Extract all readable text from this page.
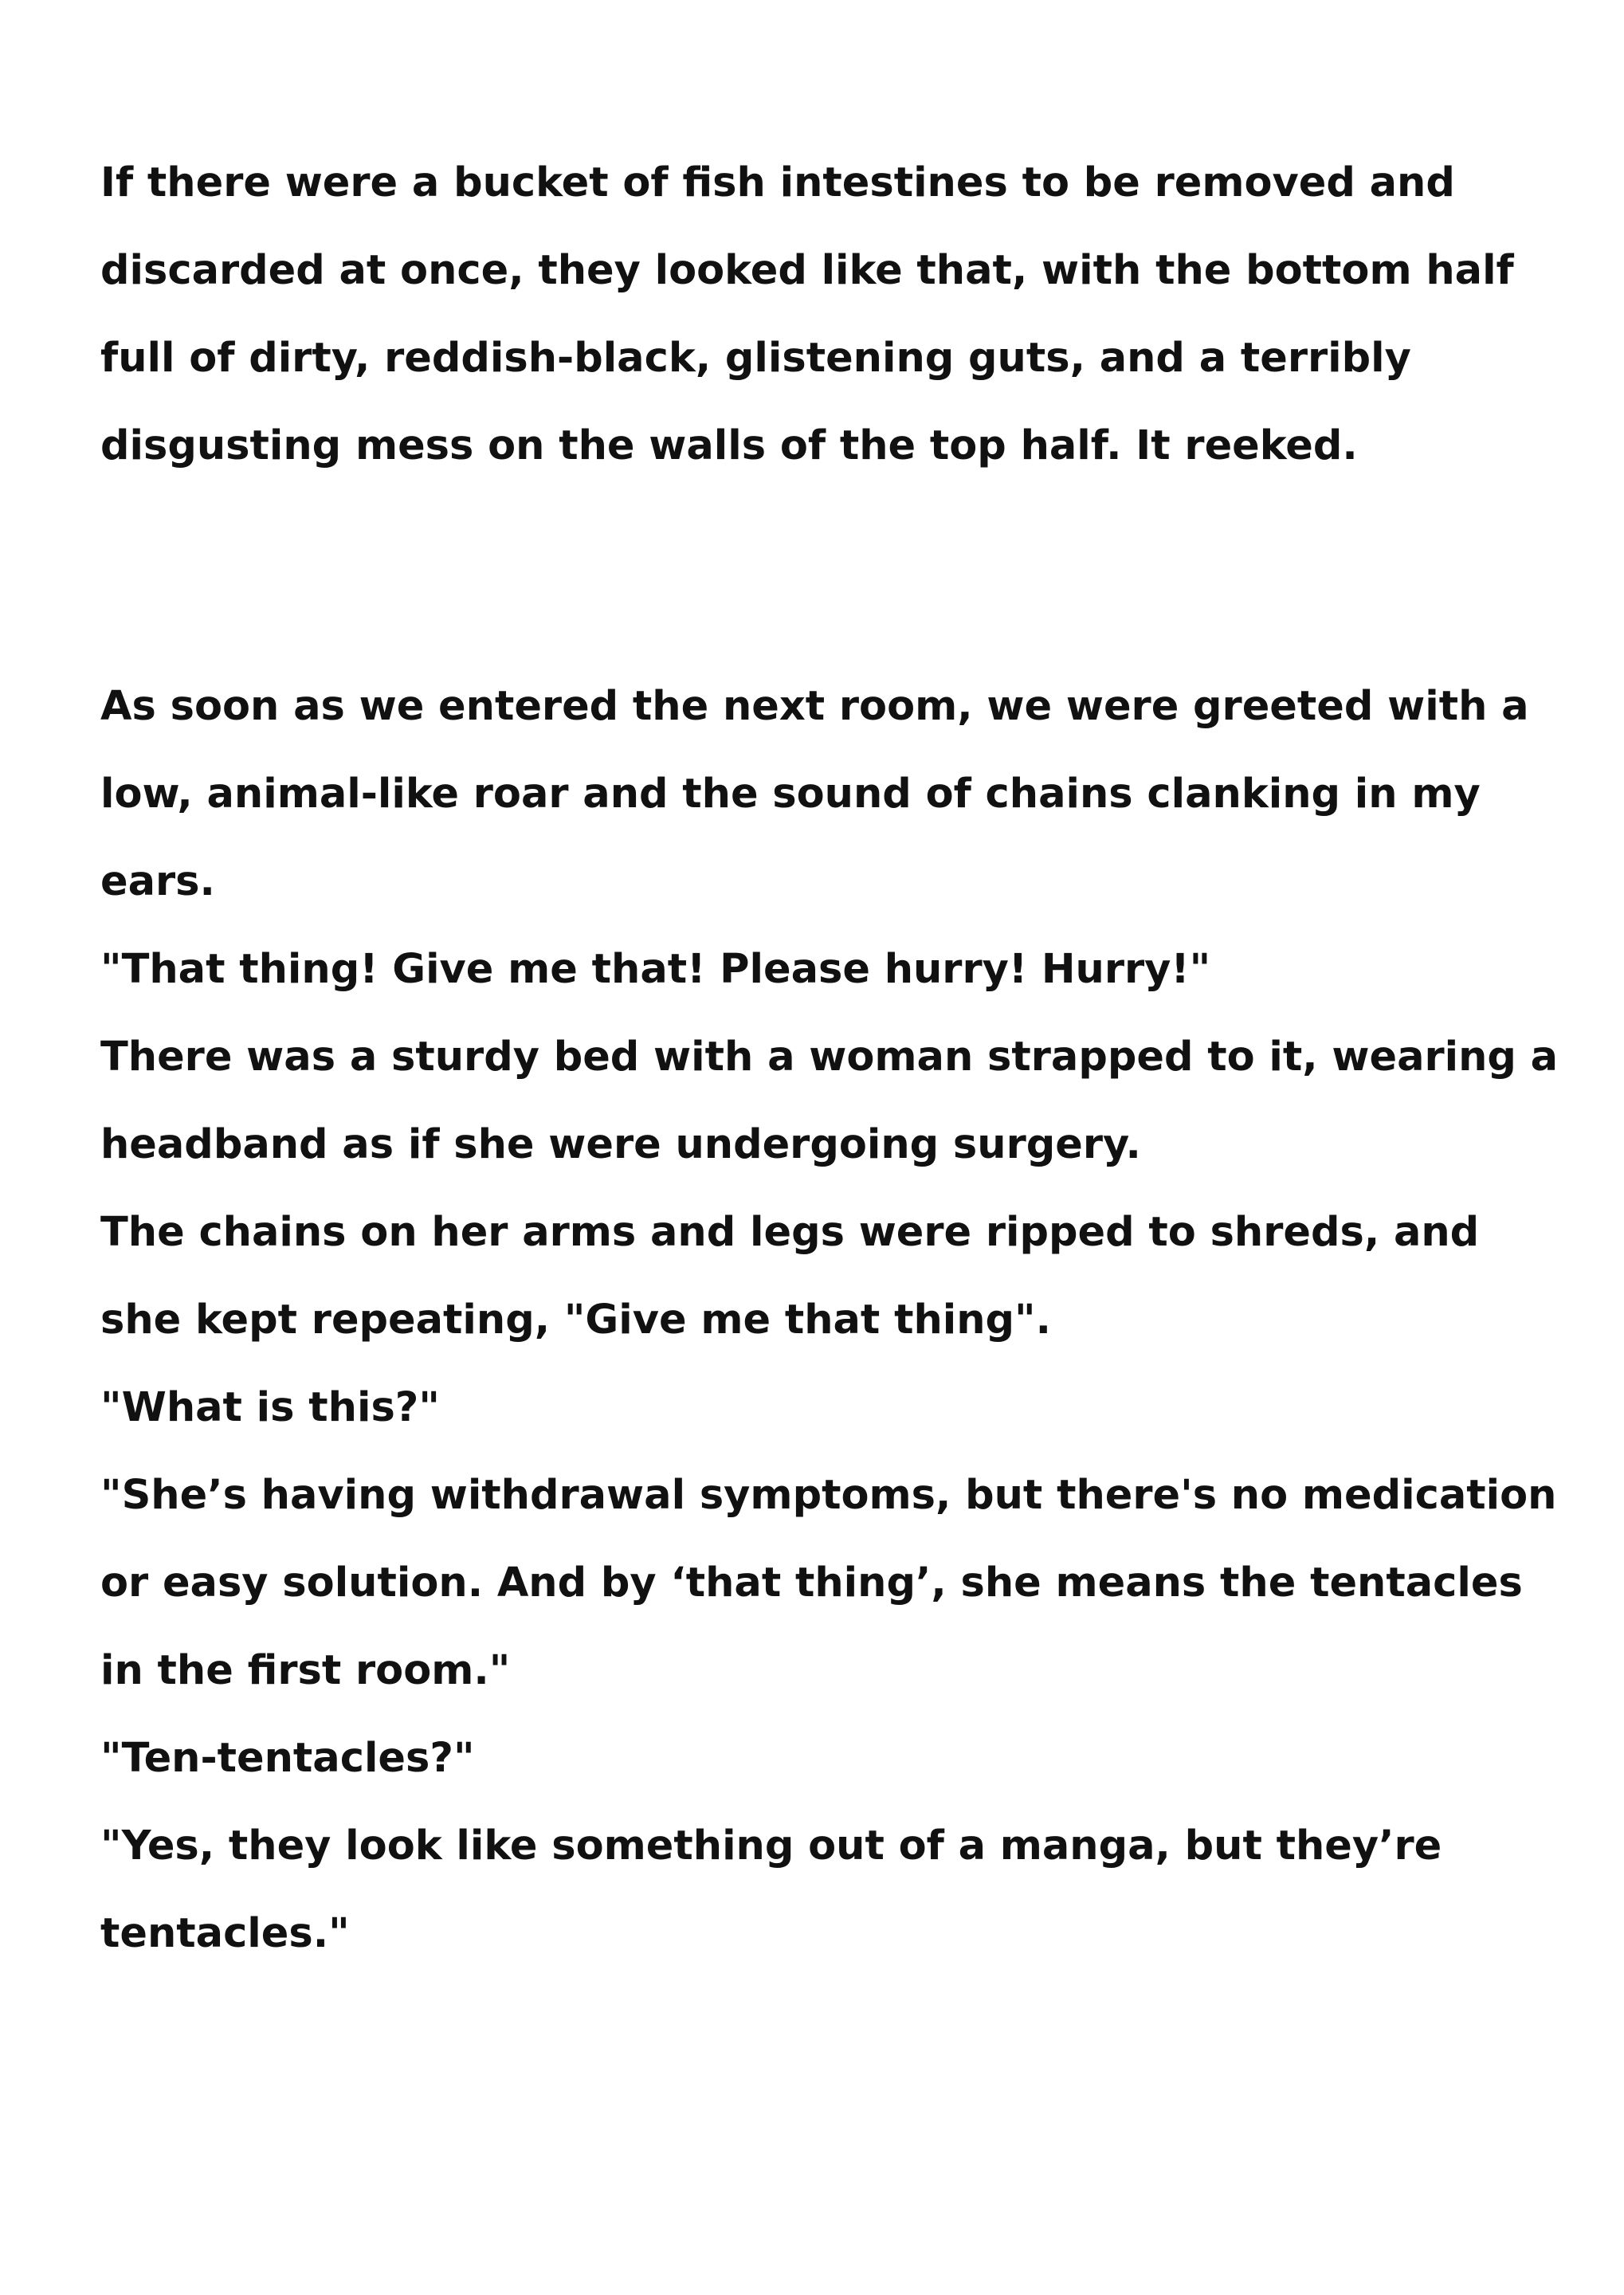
If there were a bucket of fish intestines to be removed and discarded at once, they looked like that, with the bottom half full of dirty, reddish-black, glistening guts, and a terribly disgusting mess on the walls of the top half. It reeked.

As soon as we entered the next room, we were greeted with a low, animal-like roar and the sound of chains clanking in my ears.

"That thing! Give me that! Please hurry! Hurry!"

There was a sturdy bed with a woman strapped to it, wearing a headband as if she were undergoing surgery.

The chains on her arms and legs were ripped to shreds, and she kept repeating, "Give me that thing".

"What is this?"

"She’s having withdrawal symptoms, but there's no medication or easy solution. And by ‘that thing’, she means the tentacles in the first room."

"Ten-tentacles?"

"Yes, they look like something out of a manga, but they’re tentacles."
